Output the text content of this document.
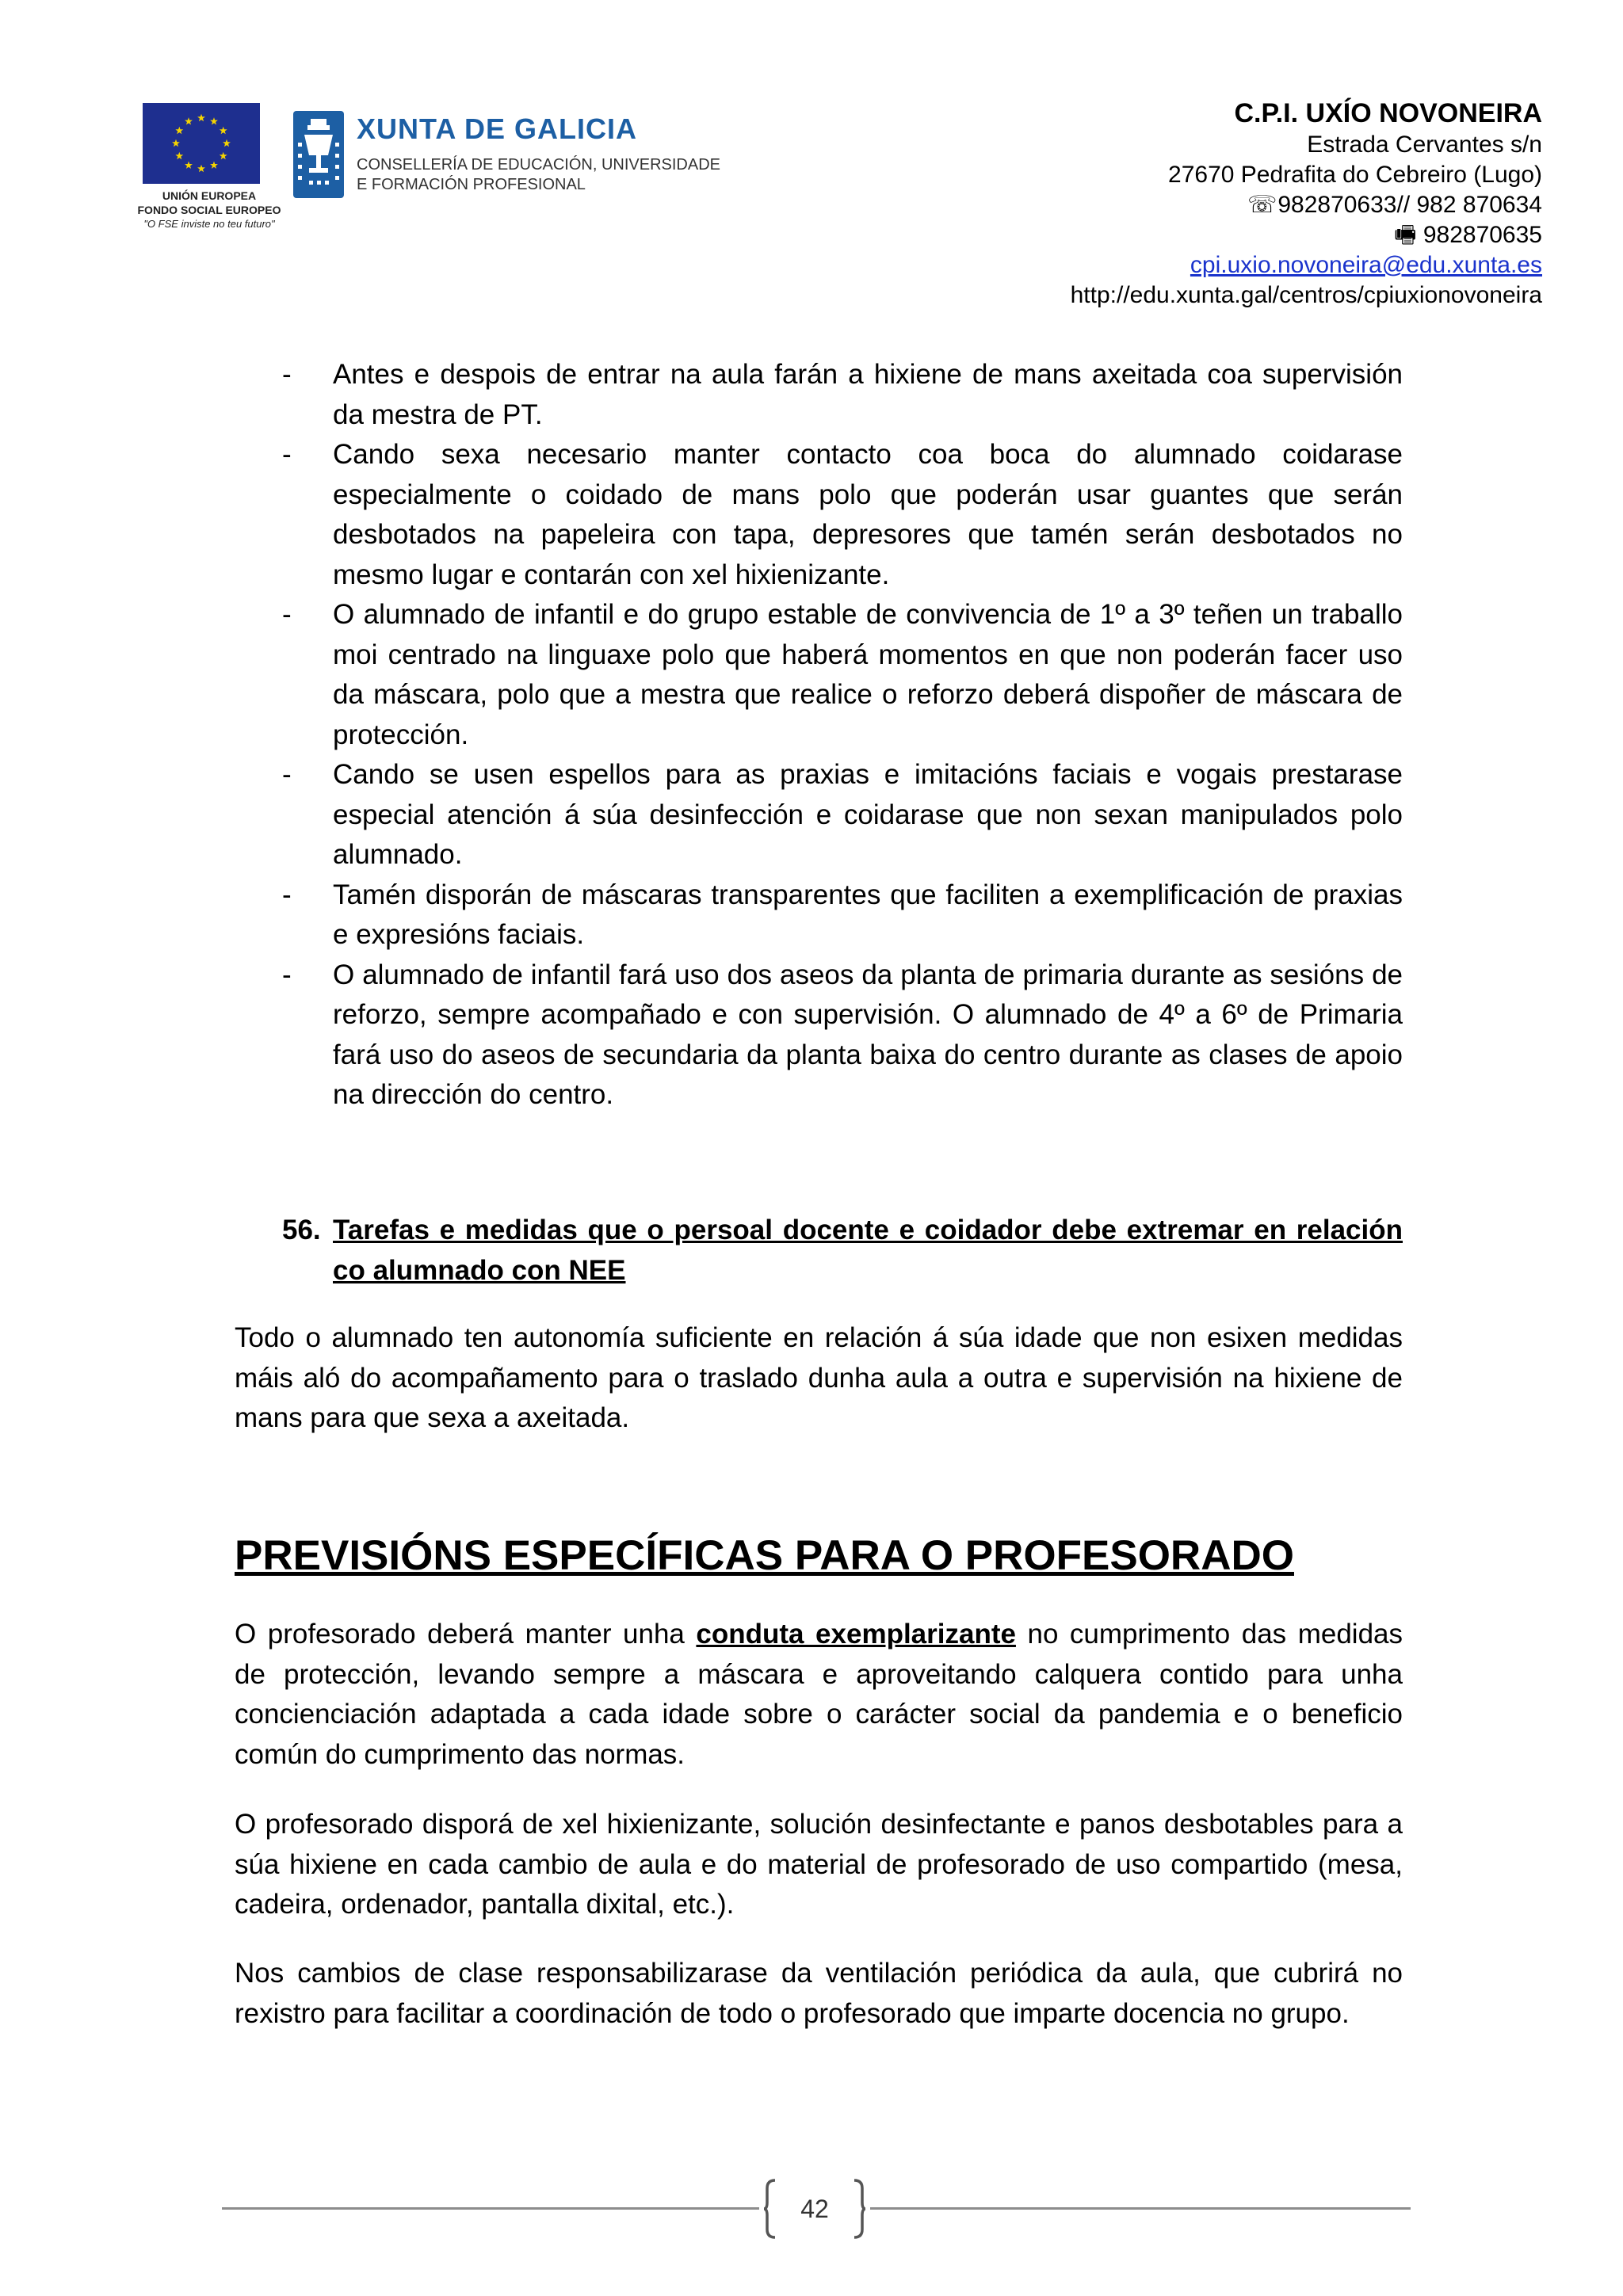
UNIÓN EUROPEA
FONDO SOCIAL EUROPEO
"O FSE inviste no teu futuro"
XUNTA DE GALICIA
CONSELLERÍA DE EDUCACIÓN, UNIVERSIDADE
E FORMACIÓN PROFESIONAL
C.P.I. UXÍO NOVONEIRA
Estrada Cervantes s/n
27670 Pedrafita do Cebreiro (Lugo)
☏ 982870633// 982 870634
🖷 982870635
cpi.uxio.novoneira@edu.xunta.es
http://edu.xunta.gal/centros/cpiuxionovoneira
- Antes e despois de entrar na aula farán a hixiene de mans axeitada coa supervisión da mestra de PT.
- Cando sexa necesario manter contacto coa boca do alumnado coidarase especialmente o coidado de mans polo que poderán usar guantes que serán desbotados na papeleira con tapa, depresores que tamén serán desbotados no mesmo lugar e contarán con xel hixienizante.
- O alumnado de infantil e do grupo estable de convivencia de 1º a 3º teñen un traballo moi centrado na linguaxe polo que haberá momentos en que non poderán facer uso da máscara, polo que a mestra que realice o reforzo deberá dispoñer de máscara de protección.
- Cando se usen espellos para as praxias e imitacións faciais e vogais prestarase especial atención á súa desinfección e coidarase que non sexan manipulados polo alumnado.
- Tamén disporán de máscaras transparentes que faciliten a exemplificación de praxias e expresións faciais.
- O alumnado de infantil fará uso dos aseos da planta de primaria durante as sesións de reforzo, sempre acompañado e con supervisión. O alumnado de 4º a 6º de Primaria fará uso do aseos de secundaria da planta baixa do centro durante as clases de apoio na dirección do centro.
56. Tarefas e medidas que o persoal docente e coidador debe extremar en relación co alumnado con NEE

Todo o alumnado ten autonomía suficiente en relación á súa idade que non esixen medidas máis aló do acompañamento para o traslado dunha aula a outra e supervisión na hixiene de mans para que sexa a axeitada.

PREVISIÓNS ESPECÍFICAS PARA O PROFESORADO

O profesorado deberá manter unha conduta exemplarizante no cumprimento das medidas de protección, levando sempre a máscara e aproveitando calquera contido para unha concienciación adaptada a cada idade sobre o carácter social da pandemia e o beneficio común do cumprimento das normas.

O profesorado disporá de xel hixienizante, solución desinfectante e panos desbotables para a súa hixiene en cada cambio de aula e do material de profesorado de uso compartido (mesa, cadeira, ordenador, pantalla dixital, etc.).

Nos cambios de clase responsabilizarase da ventilación periódica da aula, que cubrirá no rexistro para facilitar a coordinación de todo o profesorado que imparte docencia no grupo.

42
